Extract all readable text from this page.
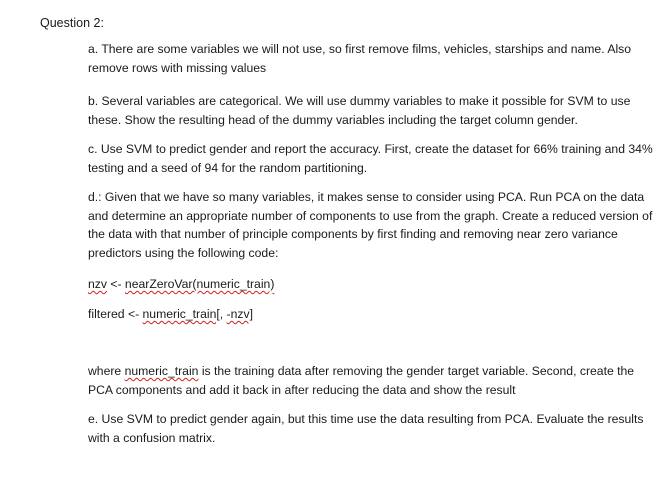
Question 2:

a. There are some variables we will not use, so first remove films, vehicles, starships and name. Also remove rows with missing values

b. Several variables are categorical. We will use dummy variables to make it possible for SVM to use these. Show the resulting head of the dummy variables including the target column gender.

c. Use SVM to predict gender and report the accuracy. First, create the dataset for 66% training and 34% testing and a seed of 94 for the random partitioning.

d.: Given that we have so many variables, it makes sense to consider using PCA. Run PCA on the data and determine an appropriate number of components to use from the graph. Create a reduced version of the data with that number of principle components by first finding and removing near zero variance predictors using the following code:

nzv <- nearZeroVar(numeric_train)
filtered <- numeric_train[, -nzv]

where numeric_train is the training data after removing the gender target variable. Second, create the PCA components and add it back in after reducing the data and show the result

e. Use SVM to predict gender again, but this time use the data resulting from PCA. Evaluate the results with a confusion matrix.
